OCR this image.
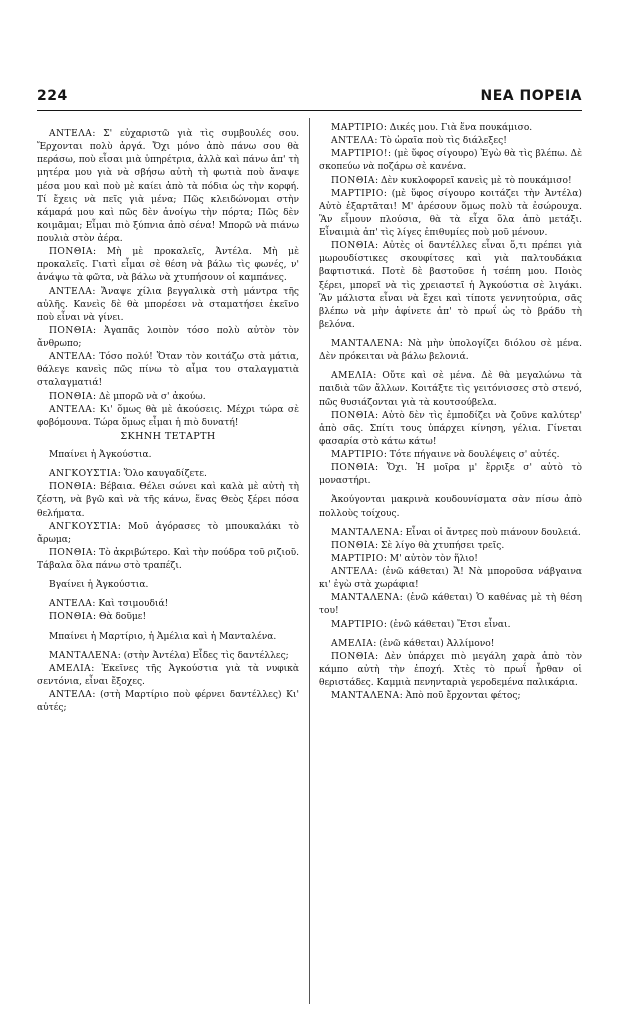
224	ΝΕΑ ΠΟΡΕΙΑ

ΑΝΤΕΛΑ: Σ' εὐχαριστῶ γιὰ τὶς συμβουλές σου. Ἔρχονται πολὺ ἀργά. Ὄχι μόνο ἀπὸ πάνω σου θὰ περάσω, ποὺ εἶσαι μιὰ ὑπηρέτρια, ἀλλὰ καὶ πάνω ἀπ' τὴ μητέρα μου γιὰ νὰ σβήσω αὐτὴ τὴ φωτιὰ ποὺ ἄναψε μέσα μου καὶ ποὺ μὲ καίει ἀπὸ τὰ πόδια ὡς τὴν κορφή. Τί ἔχεις νὰ πεῖς γιὰ μένα; Πῶς κλειδώνομαι στὴν κάμαρά μου καὶ πῶς δὲν ἀνοίγω τὴν πόρτα; Πῶς δὲν κοιμᾶμαι; Εἶμαι πιὸ ξύπνια ἀπὸ σένα! Μπορῶ νὰ πιάνω πουλιὰ στὸν ἀέρα.

ΠΟΝΘΙΑ: Μὴ μὲ προκαλεῖς, Ἀντέλα. Μὴ μὲ προκαλεῖς. Γιατὶ εἶμαι σὲ θέση νὰ βάλω τὶς φωνές, ν' ἀνάψω τὰ φῶτα, νὰ βάλω νὰ χτυπήσουν οἱ καμπάνες.

ΑΝΤΕΛΑ: Ἄναψε χίλια βεγγαλικὰ στὴ μάντρα τῆς αὐλῆς. Κανεὶς δὲ θὰ μπορέσει νὰ σταματήσει ἐκεῖνο ποὺ εἶναι νὰ γίνει.

ΠΟΝΘΙΑ: Ἀγαπᾶς λοιπὸν τόσο πολὺ αὐτὸν τὸν ἄνθρωπο;

ΑΝΤΕΛΑ: Τόσο πολύ! Ὅταν τὸν κοιτάζω στὰ μάτια, θάλεγε κανεὶς πῶς πίνω τὸ αἷμα του σταλαγματιὰ σταλαγματιά!

ΠΟΝΘΙΑ: Δὲ μπορῶ νὰ σ' ἀκούω.

ΑΝΤΕΛΑ: Κι' ὅμως θὰ μὲ ἀκούσεις. Μέχρι τώρα σὲ φοβόμουνα. Τώρα ὅμως εἶμαι ἡ πιὸ δυνατή!

ΣΚΗΝΗ ΤΕΤΑΡΤΗ

Μπαίνει ἡ Ἀγκούστια.

ΑΝΓΚΟΥΣΤΙΑ: Ὅλο καυγαδίζετε.

ΠΟΝΘΙΑ: Βέβαια. Θέλει σώνει καὶ καλὰ μὲ αὐτὴ τὴ ζέστη, νὰ βγῶ καὶ νὰ τῆς κάνω, ἕνας Θεὸς ξέρει πόσα θελήματα.

ΑΝΓΚΟΥΣΤΙΑ: Μοῦ ἀγόρασες τὸ μπουκαλάκι τὸ ἄρωμα;

ΠΟΝΘΙΑ: Τὸ ἀκριβώτερο. Καὶ τὴν πούδρα τοῦ ριζιοῦ. Τάβαλα ὅλα πάνω στὸ τραπέζι.

Βγαίνει ἡ Ἀγκούστια.

ΑΝΤΕΛΑ: Καὶ τσιμουδιά!

ΠΟΝΘΙΑ: Θὰ δοῦμε!

Μπαίνει ἡ Μαρτίριο, ἡ Ἀμέλια καὶ ἡ Μανταλένα.

ΜΑΝΤΑΛΕΝΑ: (στὴν Ἀντέλα) Εἶδες τὶς δαντέλλες;

ΑΜΕΛΙΑ: Ἐκεῖνες τῆς Ἀγκούστια γιὰ τὰ νυφικὰ σεντόνια, εἶναι ἔξοχες.

ΑΝΤΕΛΑ: (στὴ Μαρτίριο ποὺ φέρνει δαντέλλες) Κι' αὐτές;

ΜΑΡΤΙΡΙΟ: Δικές μου. Γιὰ ἕνα πουκάμισο.

ΑΝΤΕΛΑ: Τὸ ὡραῖα ποὺ τὶς διάλεξες!

ΜΑΡΤΙΡΙΟ!: (μὲ ὕφος σίγουρο) Ἐγὼ θὰ τὶς βλέπω. Δὲ σκοπεύω νὰ ποζάρω σὲ κανένα.

ΠΟΝΘΙΑ: Δὲν κυκλοφορεῖ κανεὶς μὲ τὸ πουκάμισο!

ΜΑΡΤΙΡΙΟ: (μὲ ὕφος σίγουρο κοιτάζει τὴν Ἀντέλα) Αὐτὸ ἐξαρτᾶται! Μ' ἀρέσουν ὅμως πολὺ τὰ ἐσώρουχα. Ἂν εἶμουν πλούσια, θὰ τὰ εἶχα ὅλα ἀπὸ μετάξι. Εἶναιμιὰ ἀπ' τὶς λίγες ἐπιθυμίες ποὺ μοῦ μένουν.

ΠΟΝΘΙΑ: Αὐτὲς οἱ δαντέλλες εἶναι ὅ,τι πρέπει γιὰ μωρουδίστικες σκουφίτσες καὶ γιὰ παλτουδάκια βαφτιστικά. Ποτὲ δὲ βαστοῦσε ἡ τσέπη μου. Ποιὸς ξέρει, μπορεῖ νὰ τὶς χρειαστεῖ ἡ Ἀγκούστια σὲ λιγάκι. Ἂν μάλιστα εἶναι νὰ ἔχει καὶ τίποτε γεννητούρια, σᾶς βλέπω νὰ μὴν ἀφίνετε ἀπ' τὸ πρωΐ ὡς τὸ βράδυ τὴ βελόνα.

ΜΑΝΤΑΛΕΝΑ: Νὰ μὴν ὑπολογίζει διόλου σὲ μένα. Δὲν πρόκειται νὰ βάλω βελονιά.

ΑΜΕΛΙΑ: Οὔτε καὶ σὲ μένα. Δὲ θὰ μεγαλώνω τὰ παιδιὰ τῶν ἄλλων. Κοιτάξτε τὶς γειτόνισσες στὸ στενό, πῶς θυσιάζονται γιὰ τὰ κουτσούβελα.

ΠΟΝΘΙΑ: Αὐτὸ δὲν τὶς ἐμποδίζει νὰ ζοῦνε καλύτερ' ἀπὸ σᾶς. Σπίτι τους ὑπάρχει κίνηση, γέλια. Γίνεται φασαρία στὸ κάτω κάτω!

ΜΑΡΤΙΡΙΟ: Τότε πήγαινε νὰ δουλέψεις σ' αὐτές.

ΠΟΝΘΙΑ: Ὄχι. Ἡ μοῖρα μ' ἔρριξε σ' αὐτὸ τὸ μοναστήρι.

Ἀκούγονται μακρινὰ κουδουνίσματα σὰν πίσω ἀπὸ πολλοὺς τοίχους.

ΜΑΝΤΑΛΕΝΑ: Εἶναι οἱ ἄντρες ποὺ πιάνουν δουλειά.

ΠΟΝΘΙΑ: Σὲ λίγο θὰ χτυπήσει τρεῖς.

ΜΑΡΤΙΡΙΟ: Μ' αὐτὸν τὸν ἥλιο!

ΑΝΤΕΛΑ: (ἐνῶ κάθεται) Ἄ! Νὰ μποροῦσα νάβγαινα κι' ἐγὼ στὰ χωράφια!

ΜΑΝΤΑΛΕΝΑ: (ἐνῶ κάθεται) Ὁ καθένας μὲ τὴ θέση του!

ΜΑΡΤΙΡΙΟ: (ἐνῶ κάθεται) Ἔτσι εἶναι.

ΑΜΕΛΙΑ: (ἐνῶ κάθεται) Ἀλλίμονο!

ΠΟΝΘΙΑ: Δὲν ὑπάρχει πιὸ μεγάλη χαρὰ ἀπὸ τὸν κάμπο αὐτὴ τὴν ἐποχή. Χτὲς τὸ πρωΐ ἦρθαν οἱ θεριστάδες. Καμμιὰ πενηνταριὰ γεροδεμένα παλικάρια.

ΜΑΝΤΑΛΕΝΑ: Ἀπὸ ποῦ ἔρχονται φέτος;
